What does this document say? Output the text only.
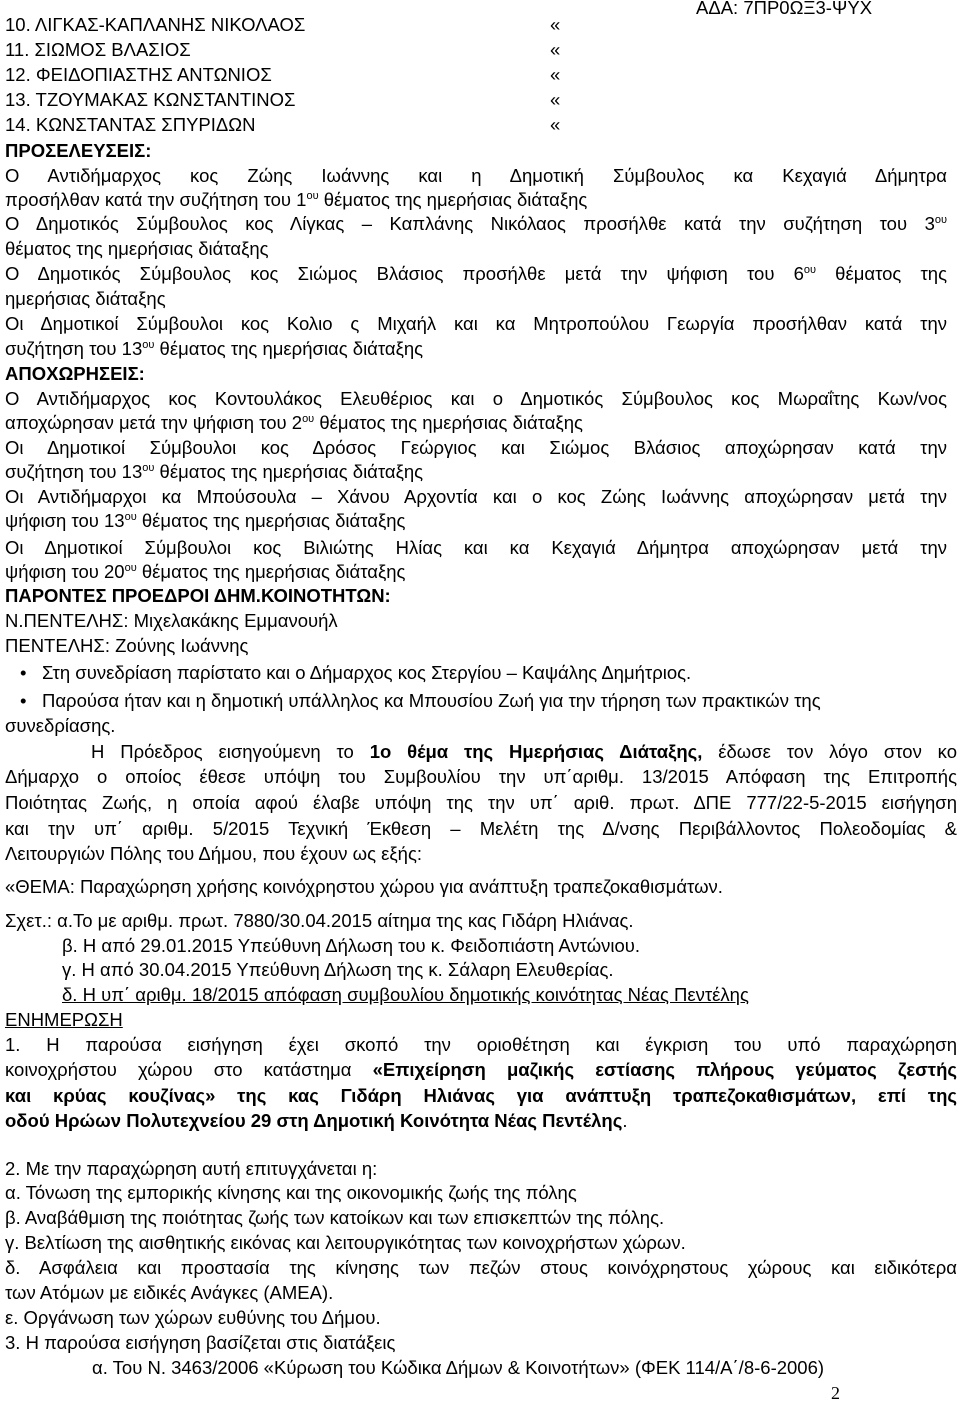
ΑΔΑ: 7ΠΡ0ΩΞ3-ΨΥΧ
10. ΛΙΓΚΑΣ-ΚΑΠΛΑΝΗΣ ΝΙΚΟΛΑΟΣ	«
11. ΣΙΩΜΟΣ ΒΛΑΣΙΟΣ	«
12. ΦΕΙΔΟΠΙΑΣΤΗΣ ΑΝΤΩΝΙΟΣ	«
13. ΤΖΟΥΜΑΚΑΣ ΚΩΝΣΤΑΝΤΙΝΟΣ	«
14. ΚΩΝΣΤΑΝΤΑΣ ΣΠΥΡΙΔΩΝ	«
ΠΡΟΣΕΛΕΥΣΕΙΣ:
Ο Αντιδήμαρχος κος Ζώης Ιωάννης και η Δημοτική Σύμβουλος κα Κεχαγιά Δήμητρα
προσήλθαν κατά την συζήτηση του $1^{o\upsilon}$ θέματος της ημερήσιας διάταξης
Ο Δημοτικός Σύμβουλος κος Λίγκας – Καπλάνης Νικόλαος προσήλθε κατά την συζήτηση του $3^{o\upsilon}$
θέματος της ημερήσιας διάταξης
Ο Δημοτικός Σύμβουλος κος Σιώμος Βλάσιος προσήλθε μετά την ψήφιση του $6^{o\upsilon}$ θέματος της
ημερήσιας διάταξης
Οι Δημοτικοί Σύμβουλοι κος Κολιο ς Μιχαήλ και κα Μητροπούλου Γεωργία προσήλθαν κατά την
συζήτηση του $13^{o\upsilon}$ θέματος της ημερήσιας διάταξης
ΑΠΟΧΩΡΗΣΕΙΣ:
Ο Αντιδήμαρχος κος Κοντουλάκος Ελευθέριος και ο Δημοτικός Σύμβουλος κος Μωραΐτης Κων/νος
αποχώρησαν μετά την ψήφιση του $2^{o\upsilon}$ θέματος της ημερήσιας διάταξης
Οι Δημοτικοί Σύμβουλοι κος Δρόσος Γεώργιος και Σιώμος Βλάσιος αποχώρησαν κατά την
συζήτηση του $13^{o\upsilon}$ θέματος της ημερήσιας διάταξης
Οι Αντιδήμαρχοι κα Μπούσουλα – Χάνου Αρχοντία και ο κος Ζώης Ιωάννης αποχώρησαν μετά την
ψήφιση του $13^{o\upsilon}$ θέματος της ημερήσιας διάταξης
Οι Δημοτικοί Σύμβουλοι κος Βιλιώτης Ηλίας και κα Κεχαγιά Δήμητρα αποχώρησαν μετά την
ψήφιση του $20^{o\upsilon}$ θέματος της ημερήσιας διάταξης
ΠΑΡΟΝΤΕΣ ΠΡΟΕΔΡΟΙ ΔΗΜ.ΚΟΙΝΟΤΗΤΩΝ:
Ν.ΠΕΝΤΕΛΗΣ: Μιχελακάκης Εμμανουήλ
ΠΕΝΤΕΛΗΣ: Ζούνης Ιωάννης
• Στη συνεδρίαση παρίστατο και ο Δήμαρχος κος Στεργίου – Καψάλης Δημήτριος.
• Παρούσα ήταν και η δημοτική υπάλληλος κα Μπουσίου Ζωή για την τήρηση των πρακτικών της
συνεδρίασης.
Η Πρόεδρος εισηγούμενη το 1ο θέμα της Ημερήσιας Διάταξης, έδωσε τον λόγο στον κο
Δήμαρχο ο οποίος έθεσε υπόψη του Συμβουλίου την υπ΄αριθμ. 13/2015 Απόφαση της Επιτροπής
Ποιότητας Ζωής, η οποία αφού έλαβε υπόψη της την υπ΄ αριθ. πρωτ. ΔΠΕ 777/22-5-2015 εισήγηση
και την υπ΄ αριθμ. 5/2015 Τεχνική Έκθεση – Μελέτη της Δ/νσης Περιβάλλοντος Πολεοδομίας &
Λειτουργιών Πόλης του Δήμου, που έχουν ως εξής:
«ΘΕΜΑ: Παραχώρηση χρήσης κοινόχρηστου χώρου για ανάπτυξη τραπεζοκαθισμάτων.
Σχετ.: α.Το με αριθμ. πρωτ. 7880/30.04.2015 αίτημα της κας Γιδάρη Ηλιάνας.
β. Η από 29.01.2015 Υπεύθυνη Δήλωση του κ. Φειδοπιάστη Αντώνιου.
γ. Η από 30.04.2015 Υπεύθυνη Δήλωση της κ. Σάλαρη Ελευθερίας.
δ. Η υπ΄ αριθμ. 18/2015 απόφαση συμβουλίου δημοτικής κοινότητας Νέας Πεντέλης
ΕΝΗΜΕΡΩΣΗ
1. Η παρούσα εισήγηση έχει σκοπό την οριοθέτηση και έγκριση του υπό παραχώρηση
κοινοχρήστου χώρου στο κατάστημα «Επιχείρηση μαζικής εστίασης πλήρους γεύματος ζεστής
και κρύας κουζίνας» της κας Γιδάρη Ηλιάνας για ανάπτυξη τραπεζοκαθισμάτων, επί της
οδού Ηρώων Πολυτεχνείου 29 στη Δημοτική Κοινότητα Νέας Πεντέλης.
2. Με την παραχώρηση αυτή επιτυγχάνεται η:
α. Τόνωση της εμπορικής κίνησης και της οικονομικής ζωής της πόλης
β. Αναβάθμιση της ποιότητας ζωής των κατοίκων και των επισκεπτών της πόλης.
γ. Βελτίωση της αισθητικής εικόνας και λειτουργικότητας των κοινοχρήστων χώρων.
δ. Ασφάλεια και προστασία της κίνησης των πεζών στους κοινόχρηστους χώρους και ειδικότερα
των Ατόμων με ειδικές Ανάγκες (ΑΜΕΑ).
ε. Οργάνωση των χώρων ευθύνης του Δήμου.
3. Η παρούσα εισήγηση βασίζεται στις διατάξεις
α. Του Ν. 3463/2006 «Κύρωση του Κώδικα Δήμων & Κοινοτήτων» (ΦΕΚ 114/Α΄/8-6-2006)
2
